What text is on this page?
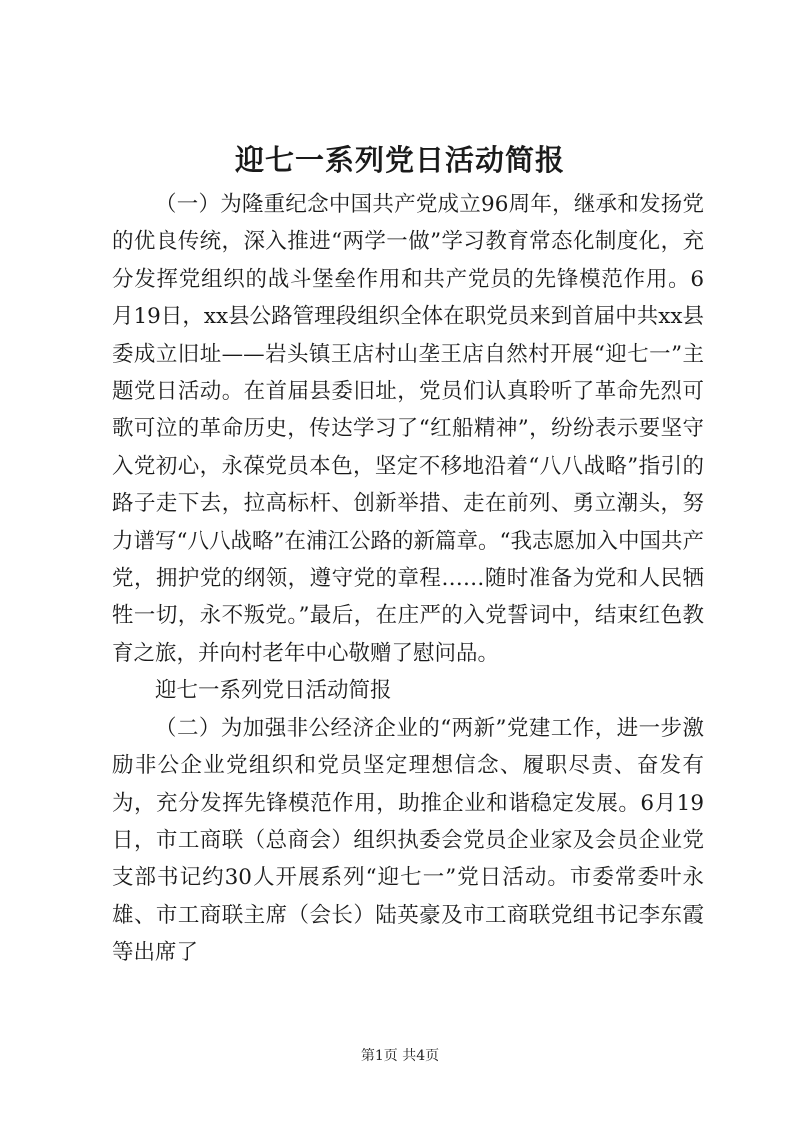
迎七一系列党日活动简报

（一）为隆重纪念中国共产党成立96周年，继承和发扬党的优良传统，深入推进“两学一做”学习教育常态化制度化，充分发挥党组织的战斗堡垒作用和共产党员的先锋模范作用。6月19日，xx县公路管理段组织全体在职党员来到首届中共xx县委成立旧址——岩头镇王店村山垄王店自然村开展“迎七一”主题党日活动。在首届县委旧址，党员们认真聆听了革命先烈可歌可泣的革命历史，传达学习了“红船精神”，纷纷表示要坚守入党初心，永葆党员本色，坚定不移地沿着“八八战略”指引的路子走下去，拉高标杆、创新举措、走在前列、勇立潮头，努力谱写“八八战略”在浦江公路的新篇章。“我志愿加入中国共产党，拥护党的纲领，遵守党的章程……随时准备为党和人民牺牲一切，永不叛党。”最后，在庄严的入党誓词中，结束红色教育之旅，并向村老年中心敬赠了慰问品。

迎七一系列党日活动简报

（二）为加强非公经济企业的“两新”党建工作，进一步激励非公企业党组织和党员坚定理想信念、履职尽责、奋发有为，充分发挥先锋模范作用，助推企业和谐稳定发展。6月19日，市工商联（总商会）组织执委会党员企业家及会员企业党支部书记约30人开展系列“迎七一”党日活动。市委常委叶永雄、市工商联主席（会长）陆英豪及市工商联党组书记李东霞等出席了

第1页 共4页
